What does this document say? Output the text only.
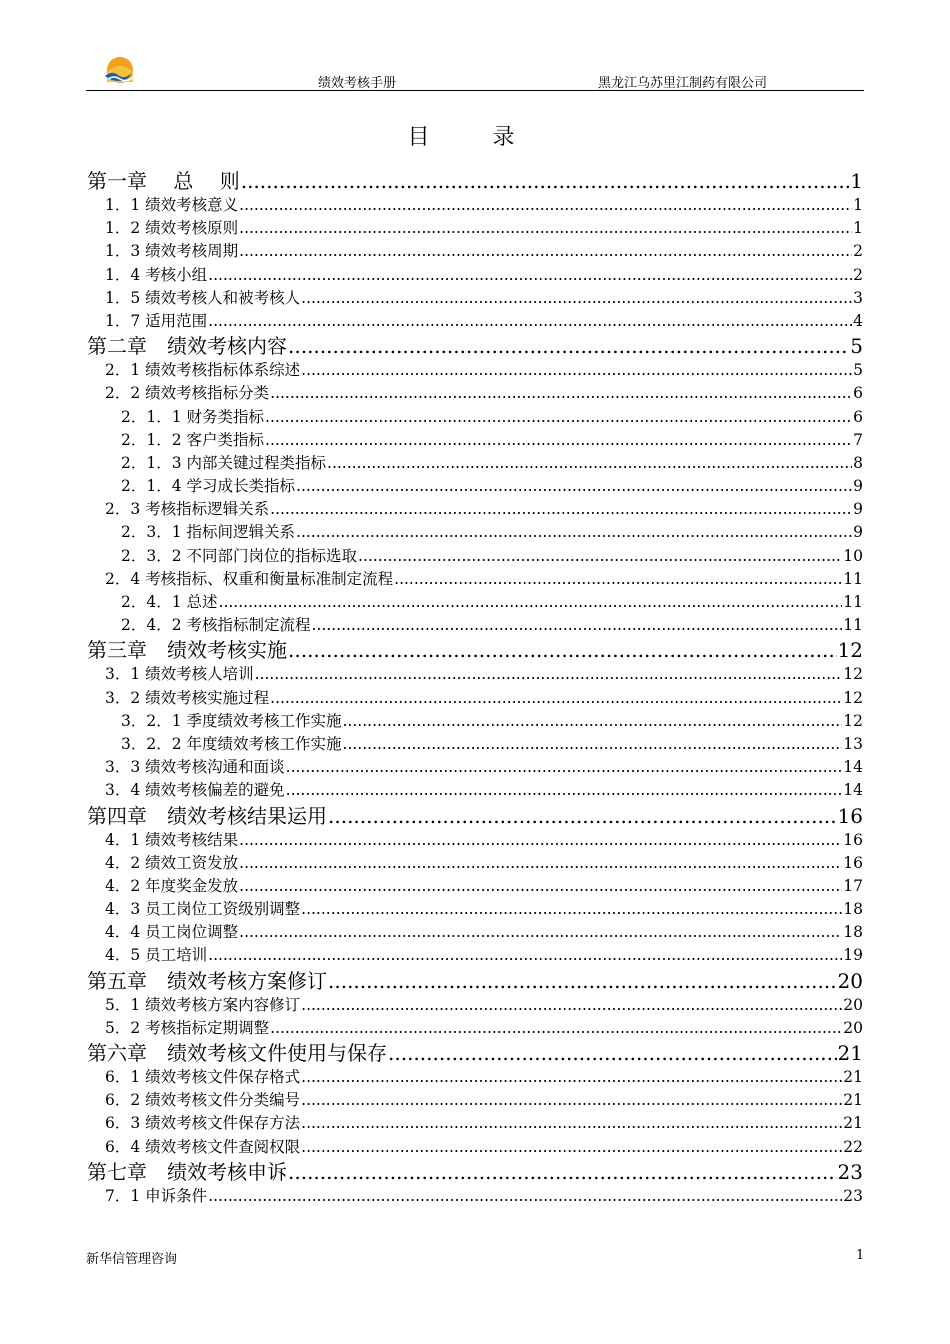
绩效考核手册	黑龙江乌苏里江制药有限公司
目 录
第一章　 总　 则 .....	1
1．1 绩效考核意义 .....	1
1．2 绩效考核原则 .....	1
1．3 绩效考核周期 .....	2
1．4 考核小组 .....	2
1．5 绩效考核人和被考核人 .....	3
1．7 适用范围 .....	4
第二章　绩效考核内容 .....	5
2．1 绩效考核指标体系综述 .....	5
2．2 绩效考核指标分类 .....	6
2．1．1 财务类指标 .....	6
2．1．2 客户类指标 .....	7
2．1．3 内部关键过程类指标 .....	8
2．1．4 学习成长类指标 .....	9
2．3 考核指标逻辑关系 .....	9
2．3．1 指标间逻辑关系 .....	9
2．3．2 不同部门岗位的指标选取 .....	10
2．4 考核指标、权重和衡量标准制定流程 .....	11
2．4．1 总述 .....	11
2．4．2 考核指标制定流程 .....	11
第三章　绩效考核实施 .....	12
3．1 绩效考核人培训 .....	12
3．2 绩效考核实施过程 .....	12
3．2．1 季度绩效考核工作实施 .....	12
3．2．2 年度绩效考核工作实施 .....	13
3．3 绩效考核沟通和面谈 .....	14
3．4 绩效考核偏差的避免 .....	14
第四章　绩效考核结果运用 .....	16
4．1 绩效考核结果 .....	16
4．2 绩效工资发放 .....	16
4．2 年度奖金发放 .....	17
4．3 员工岗位工资级别调整 .....	18
4．4 员工岗位调整 .....	18
4．5 员工培训 .....	19
第五章　绩效考核方案修订 .....	20
5．1 绩效考核方案内容修订 .....	20
5．2 考核指标定期调整 .....	20
第六章　绩效考核文件使用与保存 .....	21
6．1 绩效考核文件保存格式 .....	21
6．2 绩效考核文件分类编号 .....	21
6．3 绩效考核文件保存方法 .....	21
6．4 绩效考核文件查阅权限 .....	22
第七章　绩效考核申诉 .....	23
7．1 申诉条件 .....	23
新华信管理咨询	1
